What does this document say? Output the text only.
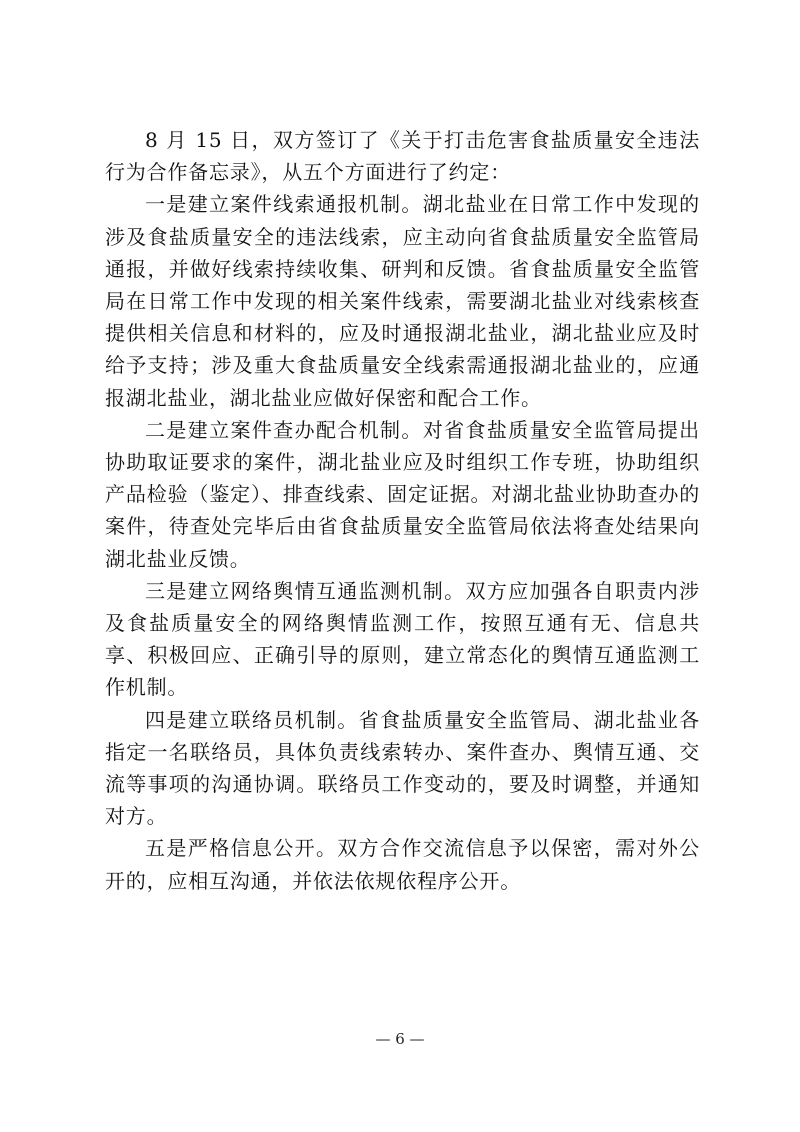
8 月 15 日，双方签订了《关于打击危害食盐质量安全违法行为合作备忘录》，从五个方面进行了约定：

一是建立案件线索通报机制。湖北盐业在日常工作中发现的涉及食盐质量安全的违法线索，应主动向省食盐质量安全监管局通报，并做好线索持续收集、研判和反馈。省食盐质量安全监管局在日常工作中发现的相关案件线索，需要湖北盐业对线索核查提供相关信息和材料的，应及时通报湖北盐业，湖北盐业应及时给予支持；涉及重大食盐质量安全线索需通报湖北盐业的，应通报湖北盐业，湖北盐业应做好保密和配合工作。

二是建立案件查办配合机制。对省食盐质量安全监管局提出协助取证要求的案件，湖北盐业应及时组织工作专班，协助组织产品检验（鉴定）、排查线索、固定证据。对湖北盐业协助查办的案件，待查处完毕后由省食盐质量安全监管局依法将查处结果向湖北盐业反馈。

三是建立网络舆情互通监测机制。双方应加强各自职责内涉及食盐质量安全的网络舆情监测工作，按照互通有无、信息共享、积极回应、正确引导的原则，建立常态化的舆情互通监测工作机制。

四是建立联络员机制。省食盐质量安全监管局、湖北盐业各指定一名联络员，具体负责线索转办、案件查办、舆情互通、交流等事项的沟通协调。联络员工作变动的，要及时调整，并通知对方。

五是严格信息公开。双方合作交流信息予以保密，需对外公开的，应相互沟通，并依法依规依程序公开。

— 6 —
